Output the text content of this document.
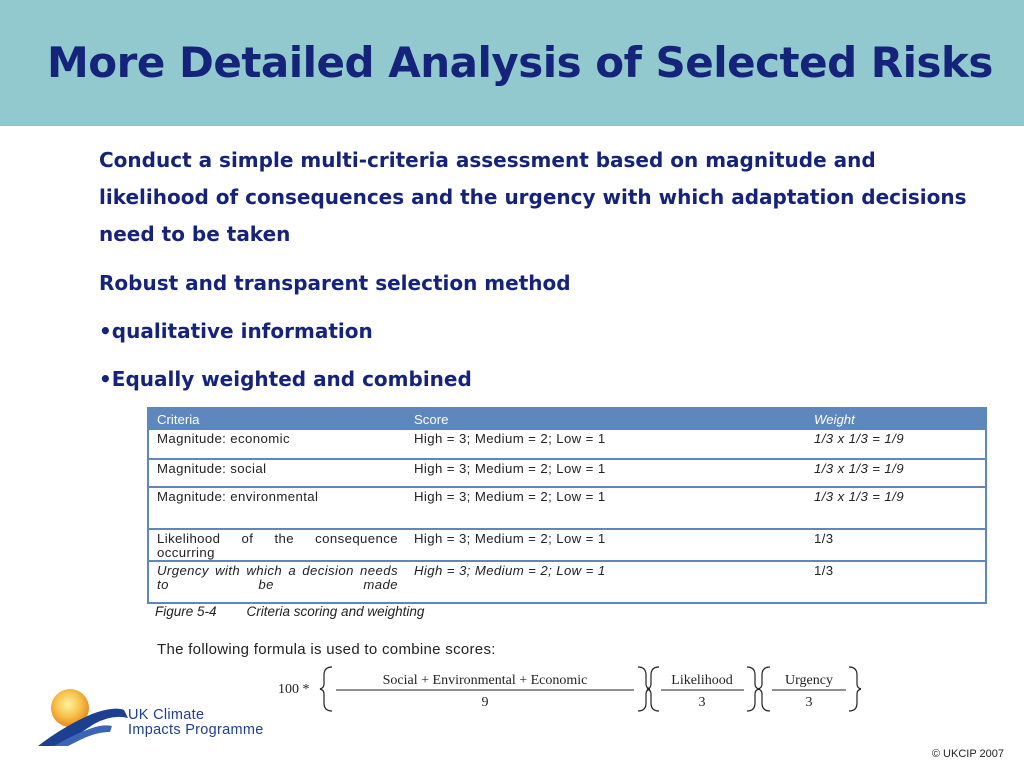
More Detailed Analysis of Selected Risks

Conduct a simple multi-criteria assessment based on magnitude and likelihood of consequences and the urgency with which adaptation decisions need to be taken

Robust and transparent selection method

•qualitative information

•Equally weighted and combined

Criteria	Score	Weight
Magnitude: economic	High = 3; Medium = 2; Low = 1	1/3 x 1/3 = 1/9
Magnitude: social	High = 3; Medium = 2; Low = 1	1/3 x 1/3 = 1/9
Magnitude: environmental	High = 3; Medium = 2; Low = 1	1/3 x 1/3 = 1/9
Likelihood of the consequence occurring	High = 3; Medium = 2; Low = 1	1/3
Urgency with which a decision needs to be made	High = 3; Medium = 2; Low = 1	1/3
Figure 5-4 Criteria scoring and weighting
The following formula is used to combine scores:
100 *
Social + Environmental + Economic
9
Likelihood
3
Urgency
3
UK Climate
Impacts Programme
© UKCIP 2007
